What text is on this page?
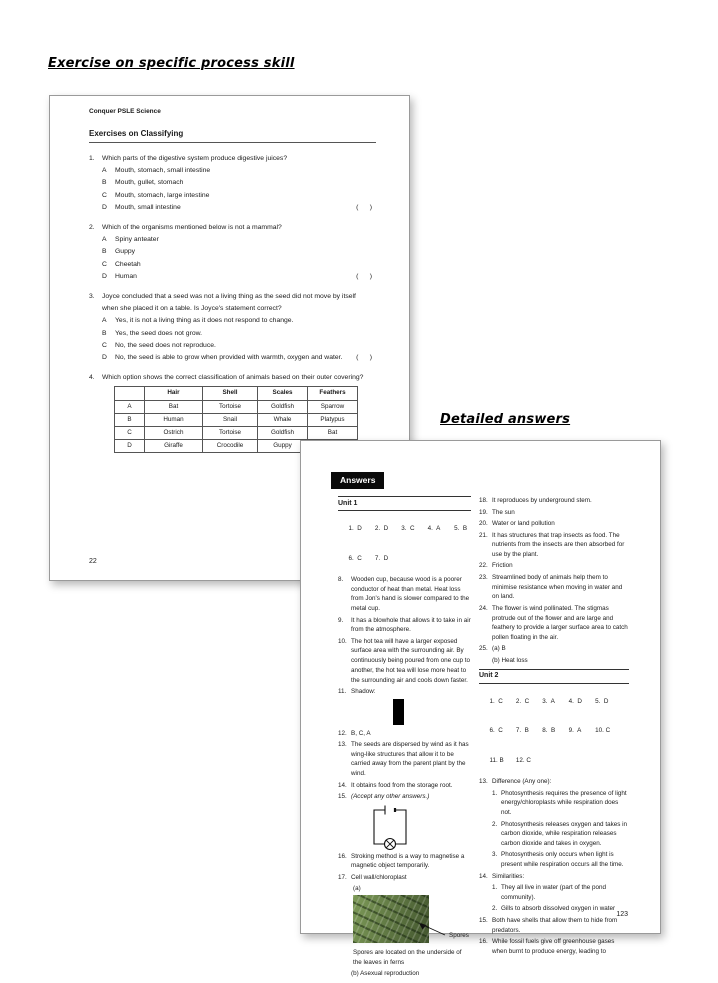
Exercise on specific process skill
Detailed answers
Conquer PSLE Science
Exercises on Classifying
1. Which parts of the digestive system produce digestive juices?
A Mouth, stomach, small intestine
B Mouth, gullet, stomach
C Mouth, stomach, large intestine
D Mouth, small intestine	(      )
2. Which of the organisms mentioned below is not a mammal?
A Spiny anteater
B Guppy
C Cheetah
D Human	(      )
3. Joyce concluded that a seed was not a living thing as the seed did not move by itself when she placed it on a table. Is Joyce's statement correct?
A Yes, it is not a living thing as it does not respond to change.
B Yes, the seed does not grow.
C No, the seed does not reproduce.
D No, the seed is able to grow when provided with warmth, oxygen and water. (      )
4. Which option shows the correct classification of animals based on their outer covering?
	Hair	Shell	Scales	Feathers
A	Bat	Tortoise	Goldfish	Sparrow
B	Human	Snail	Whale	Platypus
C	Ostrich	Tortoise	Goldfish	Bat
D	Giraffe	Crocodile	Guppy	
22
Answers
Unit 1

1.  D 2.  D 3.  C 4.  A 5.  B

6.  C 7.  D

8. Wooden cup, because wood is a poorer conductor of heat than metal. Heat loss from Jon's hand is slower compared to the metal cup.
9. It has a blowhole that allows it to take in air from the atmosphere.
10. The hot tea will have a larger exposed surface area with the surrounding air. By continuously being poured from one cup to another, the hot tea will lose more heat to the surrounding air and cools down faster.
11. Shadow:
12. B, C, A
13. The seeds are dispersed by wind as it has wing-like structures that allow it to be carried away from the parent plant by the wind.
14. It obtains food from the storage root.
15. (Accept any other answers.)
16. Stroking method is a way to magnetise a magnetic object temporarily.
17. Cell wall/chloroplast
(a)
Spores
Spores are located on the underside of the leaves in ferns
(b) Asexual reproduction
18. It reproduces by underground stem.
19. The sun
20. Water or land pollution
21. It has structures that trap insects as food. The nutrients from the insects are then absorbed for use by the plant.
22. Friction
23. Streamlined body of animals help them to minimise resistance when moving in water and on land.
24. The flower is wind pollinated. The stigmas protrude out of the flower and are large and feathery to provide a larger surface area to catch pollen floating in the air.
25. (a) B
(b) Heat loss
Unit 2

1.  C 2.  C 3.  A 4.  D 5.  D

6.  C 7.  B 8.  B 9.  A 10. C

11. B 12. C

13. Difference (Any one):
1. Photosynthesis requires the presence of light energy/chloroplasts while respiration does not.
2. Photosynthesis releases oxygen and takes in carbon dioxide, while respiration releases carbon dioxide and takes in oxygen.
3. Photosynthesis only occurs when light is present while respiration occurs all the time.
14. Similarities:
1. They all live in water (part of the pond community).
2. Gills to absorb dissolved oxygen in water
15. Both have shells that allow them to hide from predators.
16. While fossil fuels give off greenhouse gases when burnt to produce energy, leading to
123
